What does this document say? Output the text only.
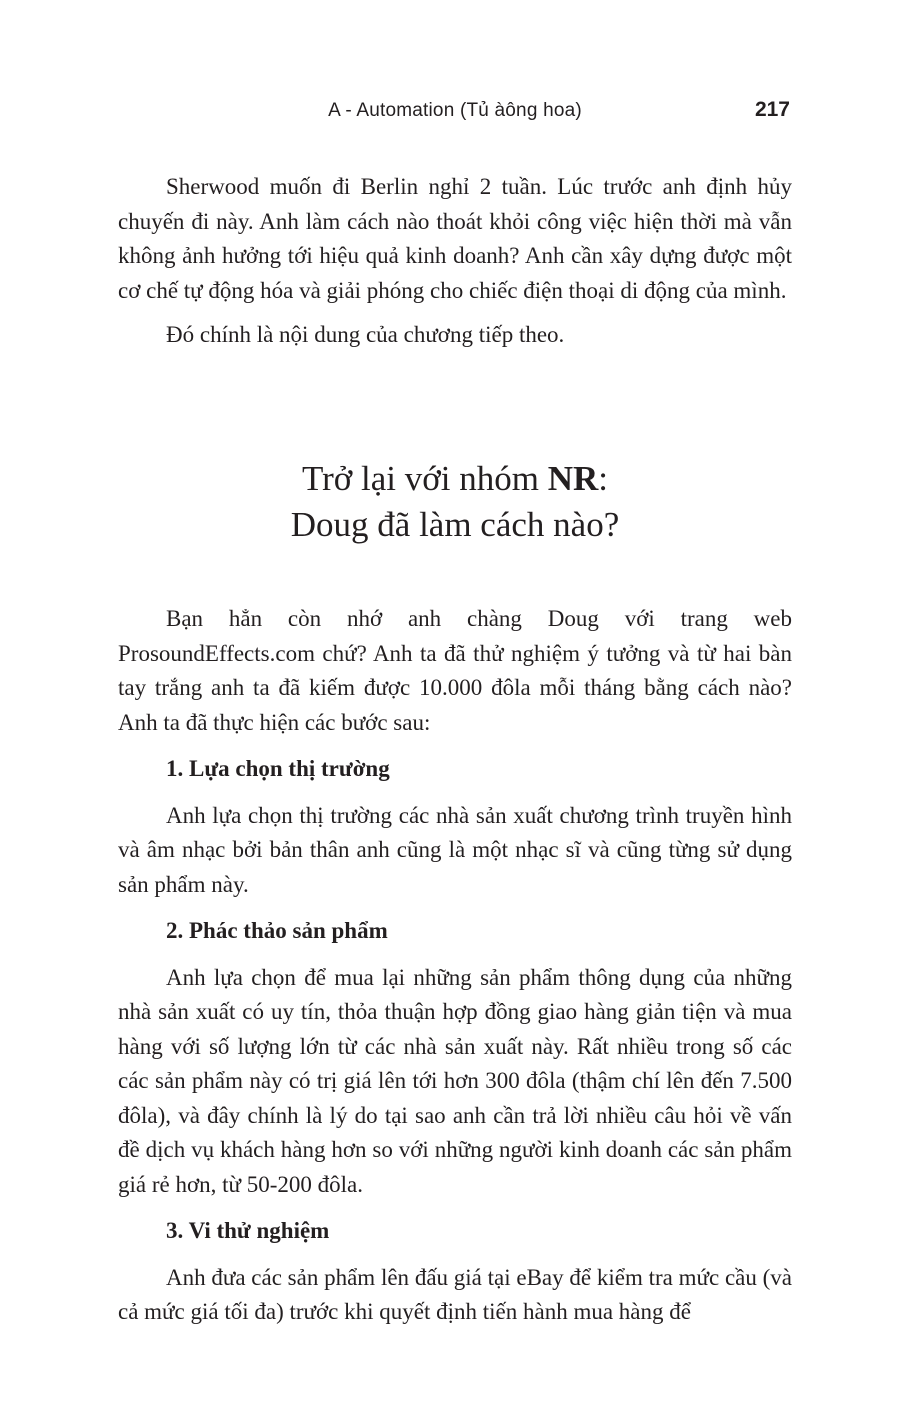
A - Automation (Tủ àông hoa)	217

Sherwood muốn đi Berlin nghỉ 2 tuần. Lúc trước anh định hủy chuyến đi này. Anh làm cách nào thoát khỏi công việc hiện thời mà vẫn không ảnh hưởng tới hiệu quả kinh doanh? Anh cần xây dựng được một cơ chế tự động hóa và giải phóng cho chiếc điện thoại di động của mình.

Đó chính là nội dung của chương tiếp theo.

Trở lại với nhóm NR:
Doug đã làm cách nào?

Bạn hẳn còn nhớ anh chàng Doug với trang web ProsoundEffects.com chứ? Anh ta đã thử nghiệm ý tưởng và từ hai bàn tay trắng anh ta đã kiếm được 10.000 đôla mỗi tháng bằng cách nào? Anh ta đã thực hiện các bước sau:

1. Lựa chọn thị trường

Anh lựa chọn thị trường các nhà sản xuất chương trình truyền hình và âm nhạc bởi bản thân anh cũng là một nhạc sĩ và cũng từng sử dụng sản phẩm này.

2. Phác thảo sản phẩm

Anh lựa chọn để mua lại những sản phẩm thông dụng của những nhà sản xuất có uy tín, thỏa thuận hợp đồng giao hàng giản tiện và mua hàng với số lượng lớn từ các nhà sản xuất này. Rất nhiều trong số các các sản phẩm này có trị giá lên tới hơn 300 đôla (thậm chí lên đến 7.500 đôla), và đây chính là lý do tại sao anh cần trả lời nhiều câu hỏi về vấn đề dịch vụ khách hàng hơn so với những người kinh doanh các sản phẩm giá rẻ hơn, từ 50-200 đôla.

3. Vi thử nghiệm

Anh đưa các sản phẩm lên đấu giá tại eBay để kiểm tra mức cầu (và cả mức giá tối đa) trước khi quyết định tiến hành mua hàng để
